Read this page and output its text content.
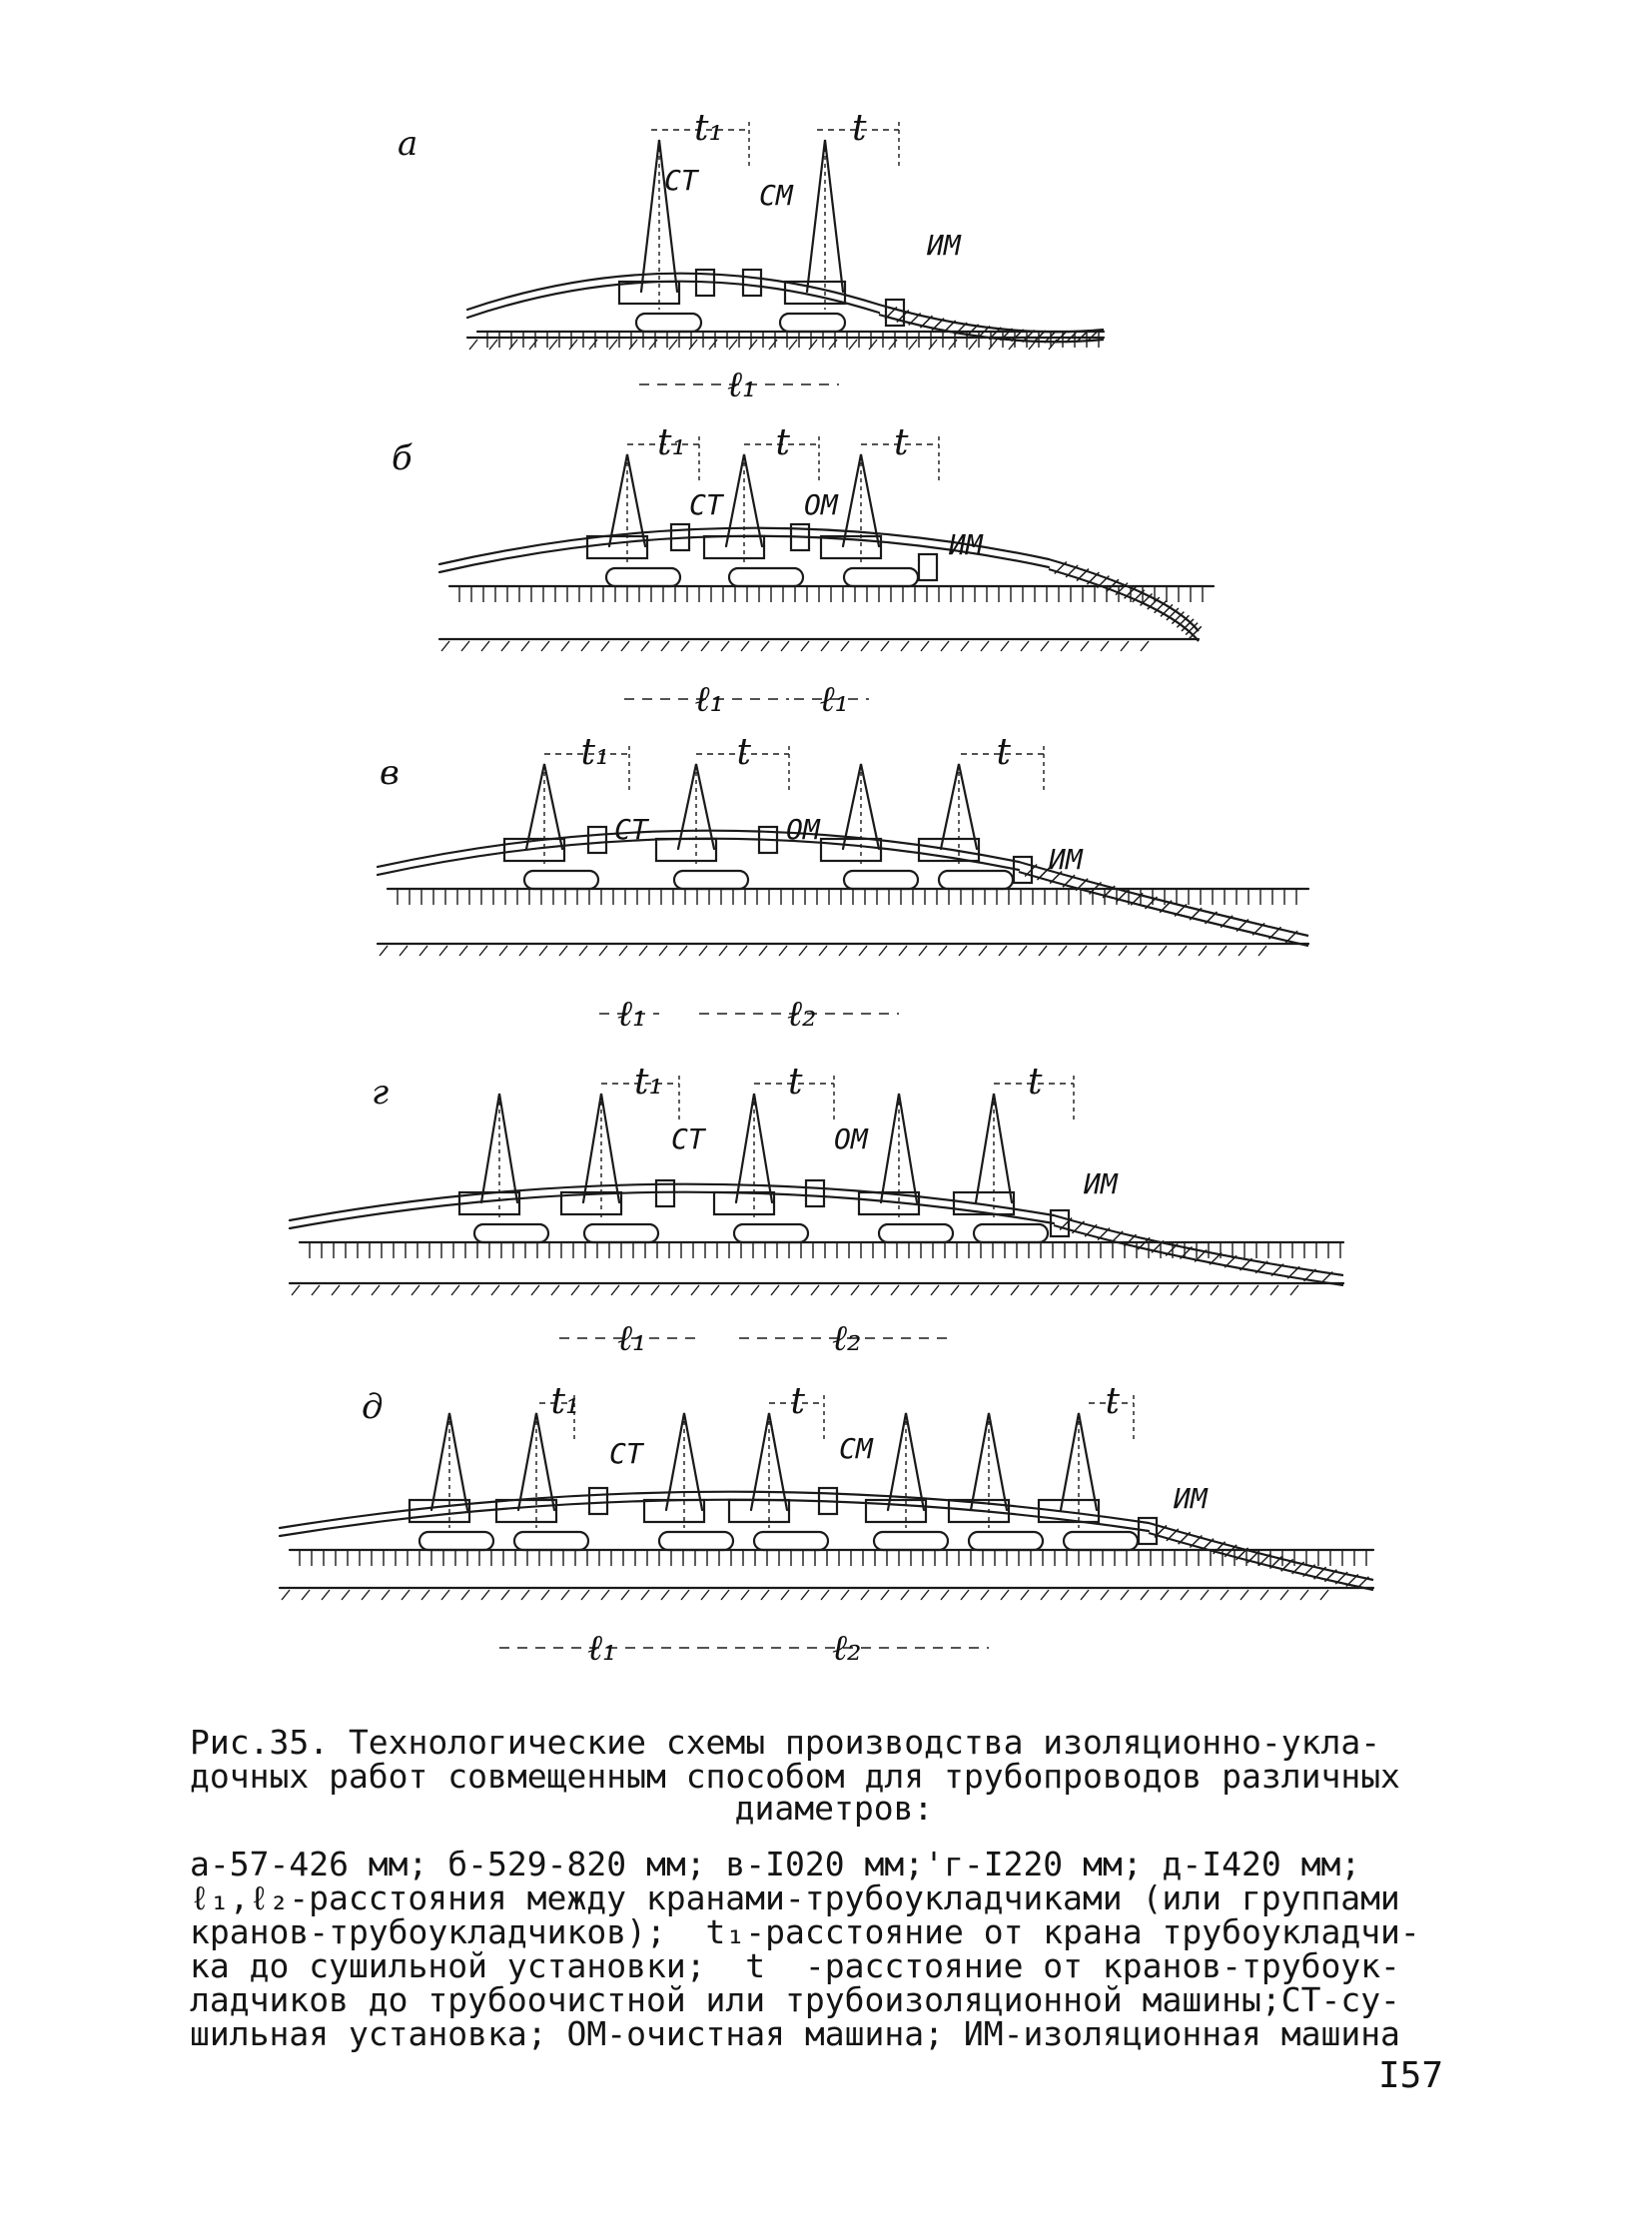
а
СТ СМ
ИМ
t₁	t
ℓ₁
б
СТ	ОМ
ИМ
t₁ t	t
ℓ₁	ℓ₁
в
СТ	ОМ
ИМ
t₁	t	t
ℓ₁	ℓ₂
г
СТ	ОМ
ИМ
t₁	t	t
ℓ₁	ℓ₂
д
СТ	СМ
ИМ
t₁	t	t
ℓ₁	ℓ₂
Рис.35. Технологические схемы производства изоляционно-укла-
дочных работ совмещенным способом для трубопроводов различных
диаметров:
а-57-426 мм; б-529-820 мм; в-I020 мм;'г-I220 мм; д-I420 мм;
ℓ₁,ℓ₂-расстояния между кранами-трубоукладчиками (или группами
кранов-трубоукладчиков);  t₁-расстояние от крана трубоукладчи-
ка до сушильной установки;  t  -расстояние от кранов-трубоук-
ладчиков до трубоочистной или трубоизоляционной машины;СТ-су-
шильная установка; ОМ-очистная машина; ИМ-изоляционная машина
I57
